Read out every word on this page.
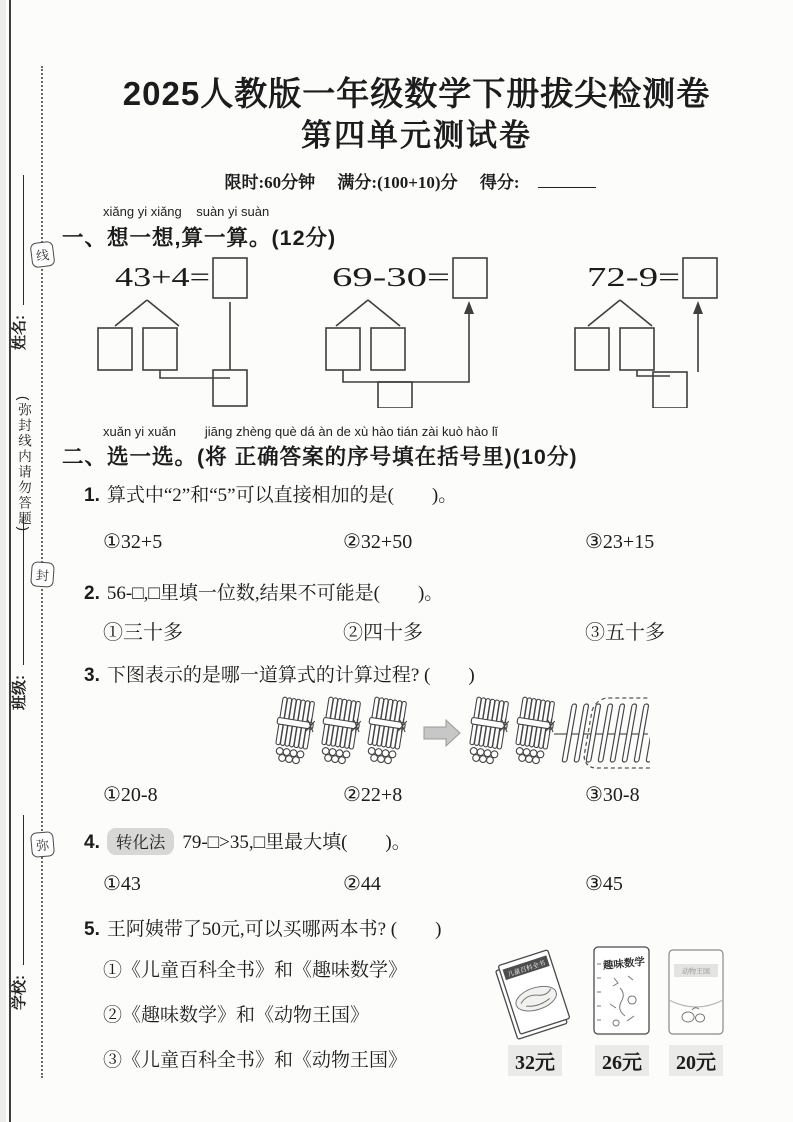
线
封
弥
姓名:
班级:
学校:
(弥封线内请勿答题)
2025人教版一年级数学下册拔尖检测卷
第四单元测试卷
限时:60分钟 满分:(100+10)分 得分:
xiǎng yi xiǎng    suàn yi suàn
一、想一想,算一算。(12分)
43+4=	69-30=	72-9=
xuǎn yi xuǎn        jiāng zhèng què dá àn de xù hào tián zài kuò hào lǐ
二、选一选。(将 正确答案的序号填在括号里)(10分)
1. 算式中“2”和“5”可以直接相加的是(　　)。
①32+5	②32+50	③23+15
2. 56-□,□里填一位数,结果不可能是(　　)。
①三十多	②四十多	③五十多
3. 下图表示的是哪一道算式的计算过程? (　　)
①20-8	②22+8	③30-8
4. 转化法 79-□>35,□里最大填(　　)。
①43	②44	③45
5. 王阿姨带了50元,可以买哪两本书? (　　)
①《儿童百科全书》和《趣味数学》
②《趣味数学》和《动物王国》
③《儿童百科全书》和《动物王国》
儿童百科全书
32元
趣味数学
26元
动物王国
20元
